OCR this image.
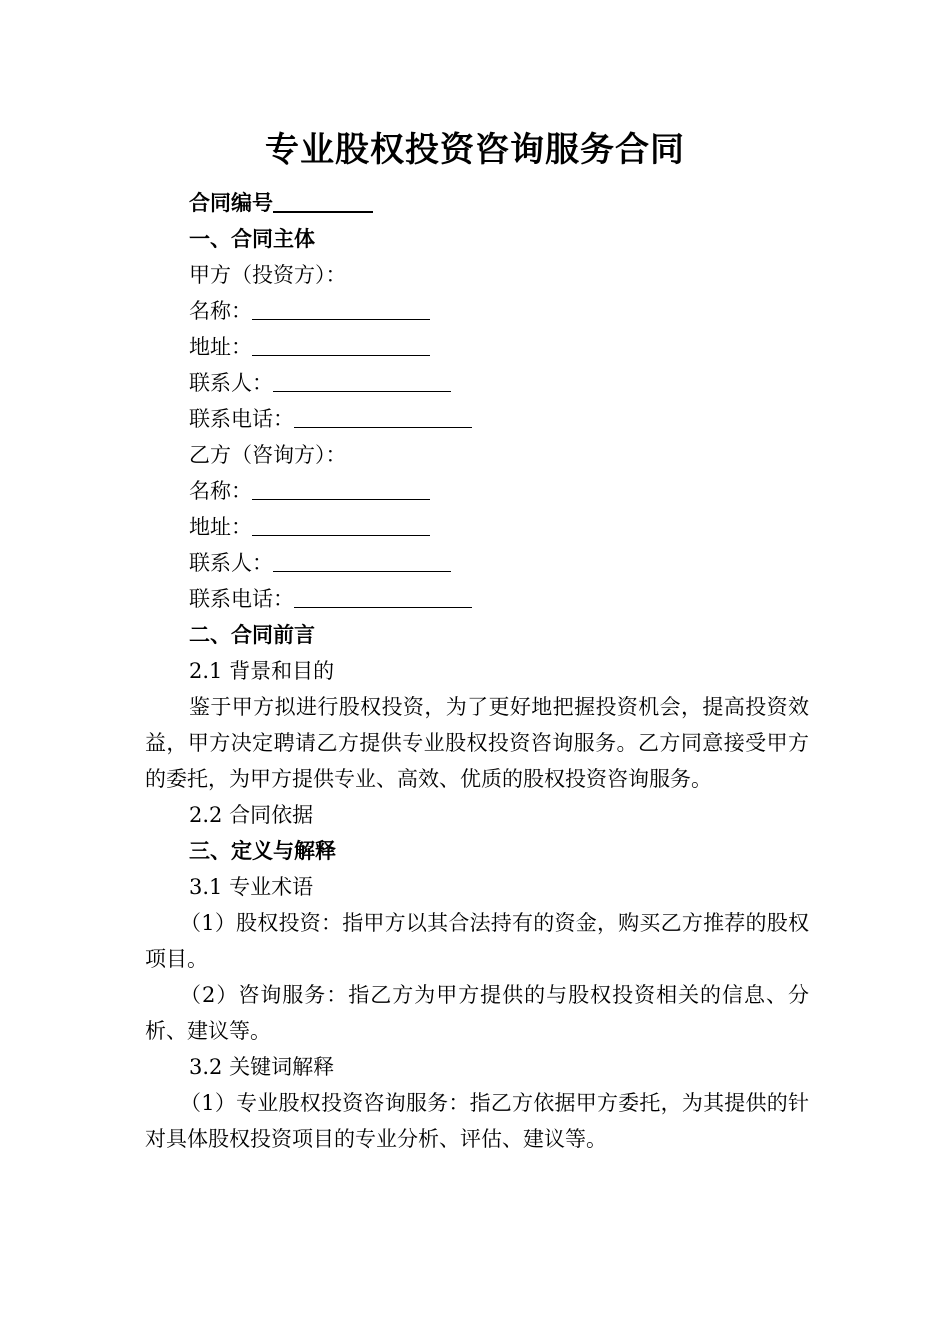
专业股权投资咨询服务合同
合同编号
一、合同主体
甲方（投资方）：
名称：
地址：
联系人：
联系电话：
乙方（咨询方）：
名称：
地址：
联系人：
联系电话：
二、合同前言
2.1 背景和目的
鉴于甲方拟进行股权投资，为了更好地把握投资机会，提高投资效益，甲方决定聘请乙方提供专业股权投资咨询服务。乙方同意接受甲方的委托，为甲方提供专业、高效、优质的股权投资咨询服务。
2.2 合同依据
三、定义与解释
3.1 专业术语
（1）股权投资：指甲方以其合法持有的资金，购买乙方推荐的股权项目。
（2）咨询服务：指乙方为甲方提供的与股权投资相关的信息、分析、建议等。
3.2 关键词解释
（1）专业股权投资咨询服务：指乙方依据甲方委托，为其提供的针对具体股权投资项目的专业分析、评估、建议等。
